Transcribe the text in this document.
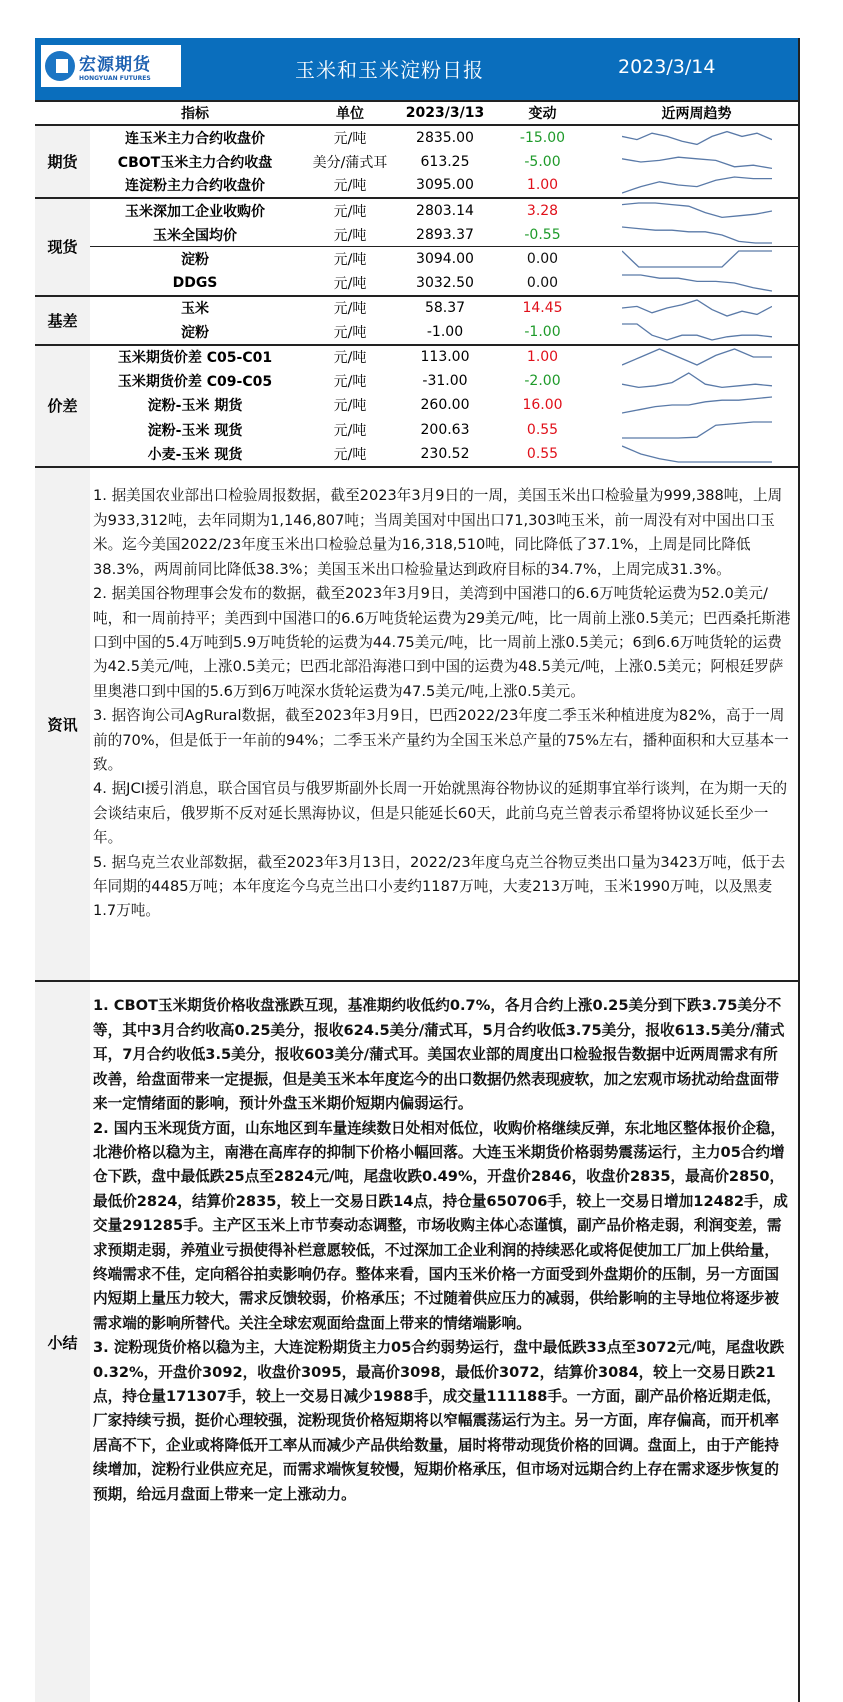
宏源期货
HONGYUAN FUTURES	玉米和玉米淀粉日报	2023/3/14
	指标	单位	2023/3/13	变动	近两周趋势
期货	连玉米主力合约收盘价	元/吨	2835.00	-15.00	

	CBOT玉米主力合约收盘	美分/蒲式耳	613.25	-5.00	

	连淀粉主力合约收盘价	元/吨	3095.00	1.00	

现货	玉米深加工企业收购价	元/吨	2803.14	3.28	

	玉米全国均价	元/吨	2893.37	-0.55	

	淀粉	元/吨	3094.00	0.00	

	DDGS	元/吨	3032.50	0.00	

基差	玉米	元/吨	58.37	14.45	

	淀粉	元/吨	-1.00	-1.00	

价差	玉米期货价差 C05-C01	元/吨	113.00	1.00	

	玉米期货价差 C09-C05	元/吨	-31.00	-2.00	

	淀粉-玉米 期货	元/吨	260.00	16.00	

	淀粉-玉米 现货	元/吨	200.63	0.55	

	小麦-玉米 现货	元/吨	230.52	0.55	
资讯

1. 据美国农业部出口检验周报数据，截至2023年3月9日的一周，美国玉米出口检验量为999,388吨，上周为933,312吨，去年同期为1,146,807吨；当周美国对中国出口71,303吨玉米，前一周没有对中国出口玉米。迄今美国2022/23年度玉米出口检验总量为16,318,510吨，同比降低了37.1%，上周是同比降低38.3%，两周前同比降低38.3%；美国玉米出口检验量达到政府目标的34.7%，上周完成31.3%。

2. 据美国谷物理事会发布的数据，截至2023年3月9日，美湾到中国港口的6.6万吨货轮运费为52.0美元/吨，和一周前持平；美西到中国港口的6.6万吨货轮运费为29美元/吨，比一周前上涨0.5美元；巴西桑托斯港口到中国的5.4万吨到5.9万吨货轮的运费为44.75美元/吨，比一周前上涨0.5美元；6到6.6万吨货轮的运费为42.5美元/吨，上涨0.5美元；巴西北部沿海港口到中国的运费为48.5美元/吨，上涨0.5美元；阿根廷罗萨里奥港口到中国的5.6万到6万吨深水货轮运费为47.5美元/吨,上涨0.5美元。

3. 据咨询公司AgRural数据，截至2023年3月9日，巴西2022/23年度二季玉米种植进度为82%，高于一周前的70%，但是低于一年前的94%；二季玉米产量约为全国玉米总产量的75%左右，播种面积和大豆基本一致。

4. 据JCI援引消息，联合国官员与俄罗斯副外长周一开始就黑海谷物协议的延期事宜举行谈判，在为期一天的会谈结束后，俄罗斯不反对延长黑海协议，但是只能延长60天，此前乌克兰曾表示希望将协议延长至少一年。

5. 据乌克兰农业部数据，截至2023年3月13日，2022/23年度乌克兰谷物豆类出口量为3423万吨，低于去年同期的4485万吨；本年度迄今乌克兰出口小麦约1187万吨，大麦213万吨，玉米1990万吨，以及黑麦1.7万吨。

小结

1. CBOT玉米期货价格收盘涨跌互现，基准期约收低约0.7%，各月合约上涨0.25美分到下跌3.75美分不等，其中3月合约收高0.25美分，报收624.5美分/蒲式耳，5月合约收低3.75美分，报收613.5美分/蒲式耳，7月合约收低3.5美分，报收603美分/蒲式耳。美国农业部的周度出口检验报告数据中近两周需求有所改善，给盘面带来一定提振，但是美玉米本年度迄今的出口数据仍然表现疲软，加之宏观市场扰动给盘面带来一定情绪面的影响，预计外盘玉米期价短期内偏弱运行。

2. 国内玉米现货方面，山东地区到车量连续数日处相对低位，收购价格继续反弹，东北地区整体报价企稳，北港价格以稳为主，南港在高库存的抑制下价格小幅回落。大连玉米期货价格弱势震荡运行，主力05合约增仓下跌，盘中最低跌25点至2824元/吨，尾盘收跌0.49%，开盘价2846，收盘价2835，最高价2850，最低价2824，结算价2835，较上一交易日跌14点，持仓量650706手，较上一交易日增加12482手，成交量291285手。主产区玉米上市节奏动态调整，市场收购主体心态谨慎，副产品价格走弱，利润变差，需求预期走弱，养殖业亏损使得补栏意愿较低，不过深加工企业利润的持续恶化或将促使加工厂加上供给量，终端需求不佳，定向稻谷拍卖影响仍存。整体来看，国内玉米价格一方面受到外盘期价的压制，另一方面国内短期上量压力较大，需求反馈较弱，价格承压；不过随着供应压力的减弱，供给影响的主导地位将逐步被需求端的影响所替代。关注全球宏观面给盘面上带来的情绪端影响。

3. 淀粉现货价格以稳为主，大连淀粉期货主力05合约弱势运行，盘中最低跌33点至3072元/吨，尾盘收跌0.32%，开盘价3092，收盘价3095，最高价3098，最低价3072，结算价3084，较上一交易日跌21点，持仓量171307手，较上一交易日减少1988手，成交量111188手。一方面，副产品价格近期走低，厂家持续亏损，挺价心理较强，淀粉现货价格短期将以窄幅震荡运行为主。另一方面，库存偏高，而开机率居高不下，企业或将降低开工率从而减少产品供给数量，届时将带动现货价格的回调。盘面上，由于产能持续增加，淀粉行业供应充足，而需求端恢复较慢，短期价格承压，但市场对远期合约上存在需求逐步恢复的预期，给远月盘面上带来一定上涨动力。
